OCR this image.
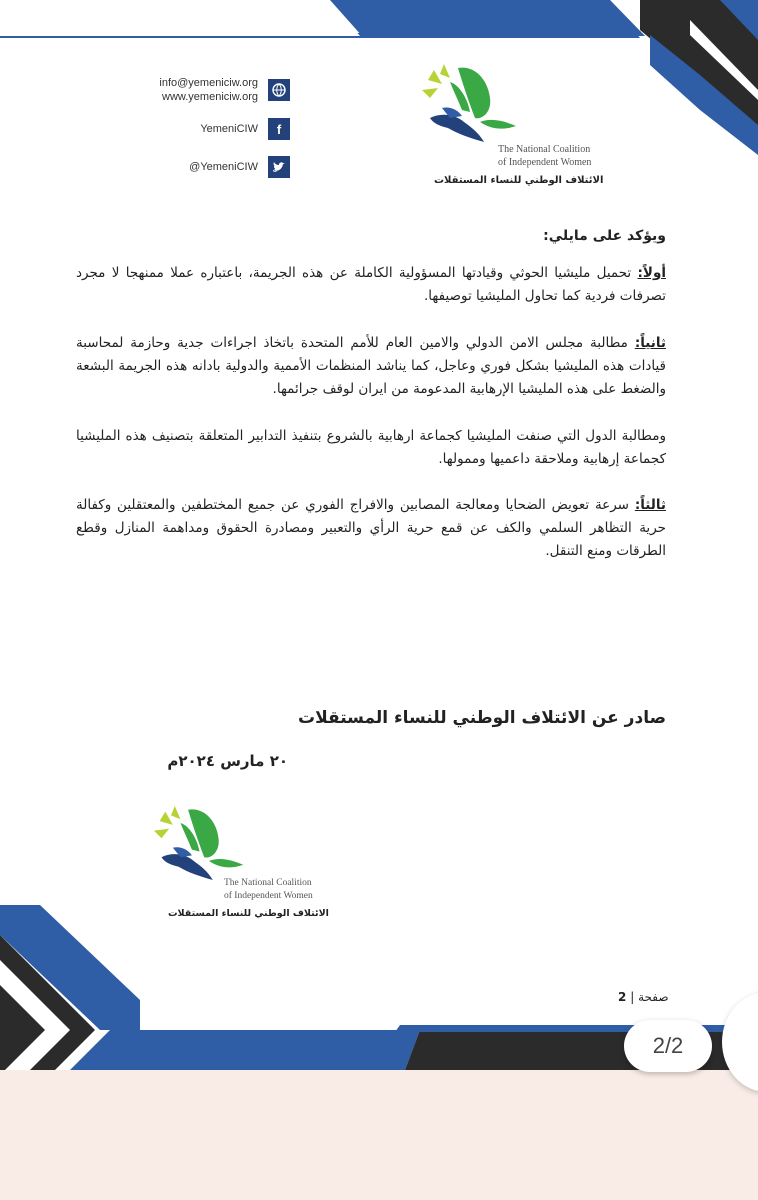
info@yemeniciw.org
www.yemeniciw.org
YemeniCIW	f
@YemeniCIW
The National Coalition
of Independent Women
الائتلاف الوطني للنساء المستقلات
ويؤكد على مايلي:
أولاً: تحميل مليشيا الحوثي وقيادتها المسؤولية الكاملة عن هذه الجريمة، باعتباره عملا ممنهجا لا مجرد تصرفات فردية كما تحاول المليشيا توصيفها.
ثانياً: مطالبة مجلس الامن الدولي والامين العام للأمم المتحدة باتخاذ اجراءات جدية وحازمة لمحاسبة قيادات هذه المليشيا بشكل فوري وعاجل، كما يناشد المنظمات الأممية والدولية بادانه هذه الجريمة البشعة والضغط على هذه المليشيا الإرهابية المدعومة من ايران لوقف جرائمها.
ومطالبة الدول التي صنفت المليشيا كجماعة ارهابية بالشروع بتنفيذ التدابير المتعلقة بتصنيف هذه المليشيا كجماعة إرهابية وملاحقة داعميها وممولها.
ثالثاً: سرعة تعويض الضحايا ومعالجة المصابين والافراج الفوري عن جميع المختطفين والمعتقلين وكفالة حرية التظاهر السلمي والكف عن قمع حرية الرأي والتعبير ومصادرة الحقوق ومداهمة المنازل وقطع الطرقات ومنع التنقل.
صادر عن الائتلاف الوطني للنساء المستقلات
٢٠ مارس ٢٠٢٤م
The National Coalition
of Independent Women
الائتلاف الوطني للنساء المستقلات
صفحة | 2
2/2
